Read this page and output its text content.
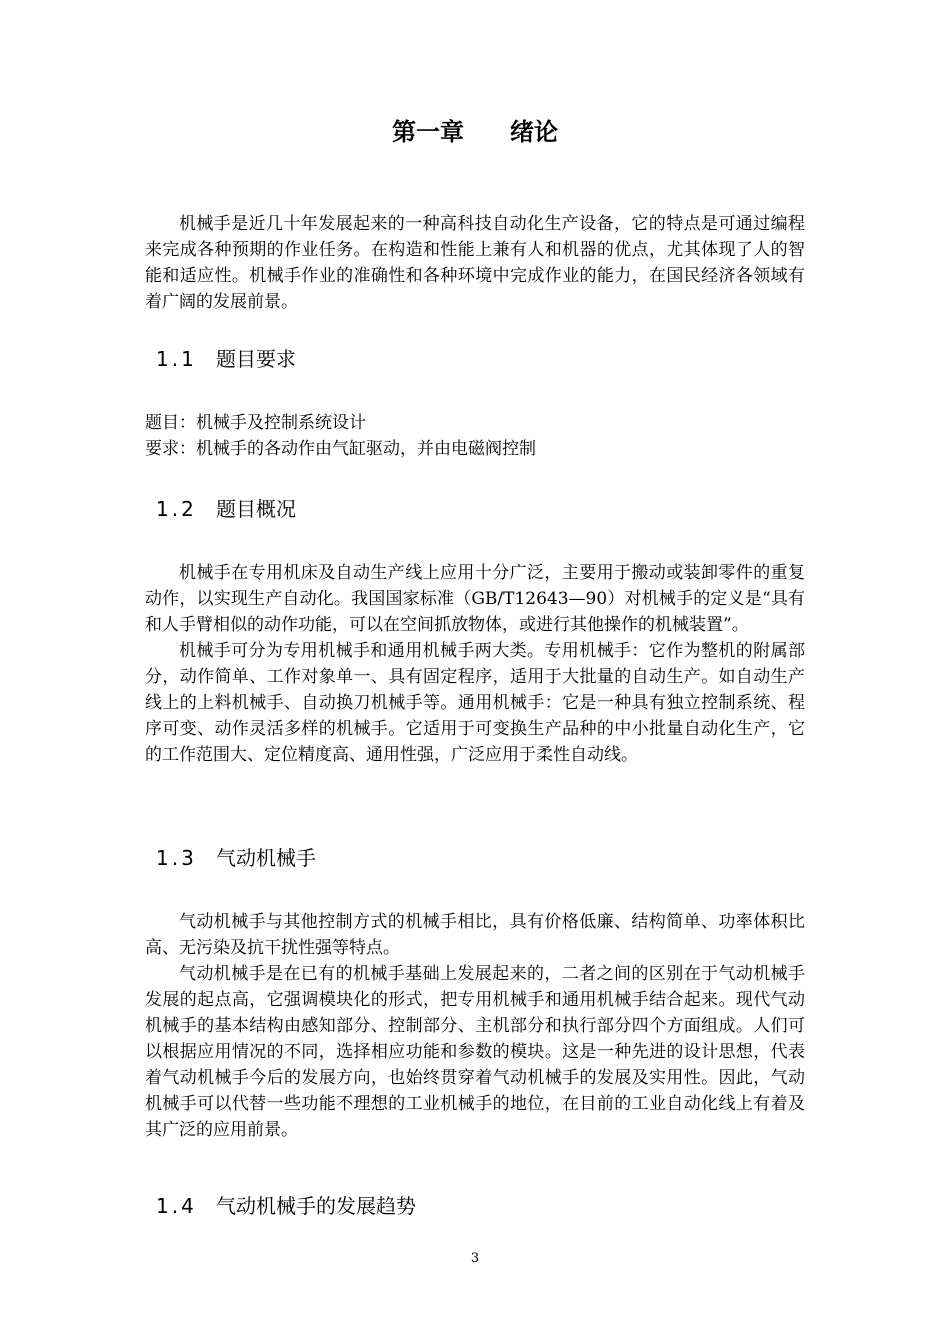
第一章 绪论

机械手是近几十年发展起来的一种高科技自动化生产设备，它的特点是可通过编程来完成各种预期的作业任务。在构造和性能上兼有人和机器的优点，尤其体现了人的智能和适应性。机械手作业的准确性和各种环境中完成作业的能力，在国民经济各领域有着广阔的发展前景。

1.1 题目要求

题目：机械手及控制系统设计

要求：机械手的各动作由气缸驱动，并由电磁阀控制

1.2 题目概况

机械手在专用机床及自动生产线上应用十分广泛，主要用于搬动或装卸零件的重复动作，以实现生产自动化。我国国家标准（GB/T12643—90）对机械手的定义是“具有和人手臂相似的动作功能，可以在空间抓放物体，或进行其他操作的机械装置”。

机械手可分为专用机械手和通用机械手两大类。专用机械手：它作为整机的附属部分，动作简单、工作对象单一、具有固定程序，适用于大批量的自动生产。如自动生产线上的上料机械手、自动换刀机械手等。通用机械手：它是一种具有独立控制系统、程序可变、动作灵活多样的机械手。它适用于可变换生产品种的中小批量自动化生产，它的工作范围大、定位精度高、通用性强，广泛应用于柔性自动线。

1.3 气动机械手

气动机械手与其他控制方式的机械手相比，具有价格低廉、结构简单、功率体积比高、无污染及抗干扰性强等特点。

气动机械手是在已有的机械手基础上发展起来的，二者之间的区别在于气动机械手发展的起点高，它强调模块化的形式，把专用机械手和通用机械手结合起来。现代气动机械手的基本结构由感知部分、控制部分、主机部分和执行部分四个方面组成。人们可以根据应用情况的不同，选择相应功能和参数的模块。这是一种先进的设计思想，代表着气动机械手今后的发展方向，也始终贯穿着气动机械手的发展及实用性。因此，气动机械手可以代替一些功能不理想的工业机械手的地位，在目前的工业自动化线上有着及其广泛的应用前景。

1.4 气动机械手的发展趋势
3
